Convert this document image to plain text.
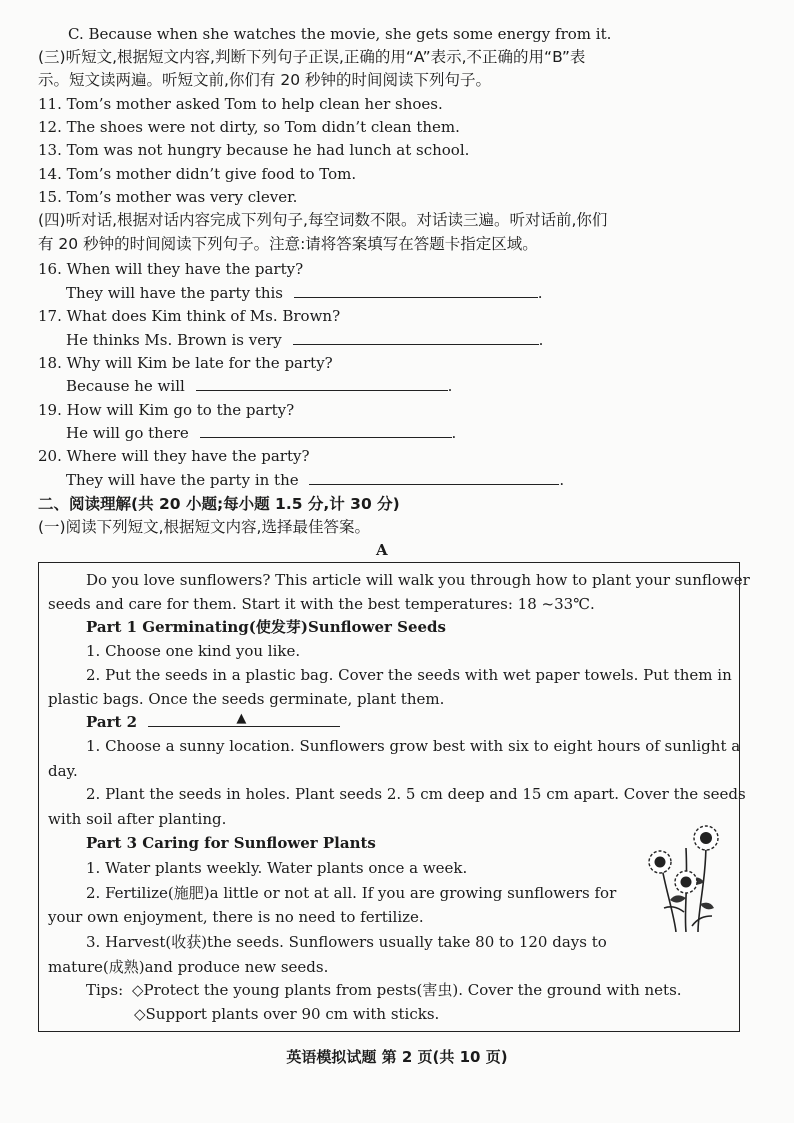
C. Because when she watches the movie, she gets some energy from it.
(三)听短文,根据短文内容,判断下列句子正误,正确的用“A”表示,不正确的用“B”表
示。短文读两遍。听短文前,你们有 20 秒钟的时间阅读下列句子。
11. Tom’s mother asked Tom to help clean her shoes.
12. The shoes were not dirty, so Tom didn’t clean them.
13. Tom was not hungry because he had lunch at school.
14. Tom’s mother didn’t give food to Tom.
15. Tom’s mother was very clever.
(四)听对话,根据对话内容完成下列句子,每空词数不限。对话读三遍。听对话前,你们
有 20 秒钟的时间阅读下列句子。注意:请将答案填写在答题卡指定区域。
16. When will they have the party?
They will have the party this	.
17. What does Kim think of Ms. Brown?
He thinks Ms. Brown is very	.
18. Why will Kim be late for the party?
Because he will	.
19. How will Kim go to the party?
He will go there	.
20. Where will they have the party?
They will have the party in the	.
二、阅读理解(共 20 小题;每小题 1.5 分,计 30 分)
(一)阅读下列短文,根据短文内容,选择最佳答案。
A
Do you love sunflowers? This article will walk you through how to plant your sunflower
seeds and care for them. Start it with the best temperatures: 18 ~33℃.
Part 1 Germinating(使发芽)Sunflower Seeds
1. Choose one kind you like.
2. Put the seeds in a plastic bag. Cover the seeds with wet paper towels. Put them in
plastic bags. Once the seeds germinate, plant them.
Part 2	▲
1. Choose a sunny location. Sunflowers grow best with six to eight hours of sunlight a
day.
2. Plant the seeds in holes. Plant seeds 2. 5 cm deep and 15 cm apart. Cover the seeds
with soil after planting.
Part 3 Caring for Sunflower Plants
1. Water plants weekly. Water plants once a week.
2. Fertilize(施肥)a little or not at all. If you are growing sunflowers for
your own enjoyment, there is no need to fertilize.
3. Harvest(收获)the seeds. Sunflowers usually take 80 to 120 days to
mature(成熟)and produce new seeds.
Tips: ◇Protect the young plants from pests(害虫). Cover the ground with nets.
◇Support plants over 90 cm with sticks.
英语模拟试题 第 2 页(共 10 页)
